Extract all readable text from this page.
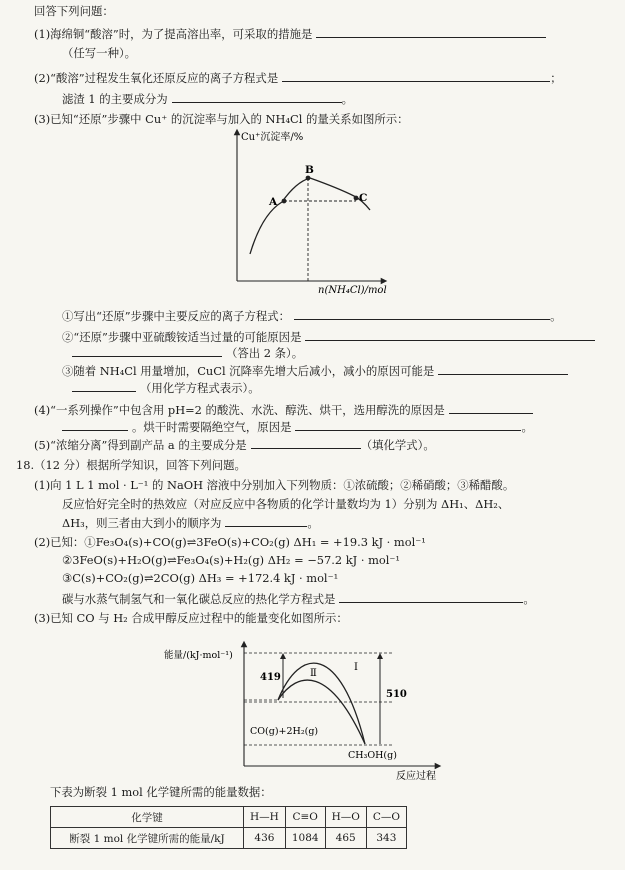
回答下列问题：
(1)海绵铜“酸溶”时，为了提高溶出率，可采取的措施是
（任写一种）。
(2)“酸溶”过程发生氧化还原反应的离子方程式是	；
滤渣 1 的主要成分为	。
(3)已知“还原”步骤中 Cu⁺ 的沉淀率与加入的 NH₄Cl 的量关系如图所示：
Cu⁺沉淀率/%
n(NH₄Cl)/mol
A
B
C
①写出“还原”步骤中主要反应的离子方程式：	。
②“还原”步骤中亚硫酸铵适当过量的可能原因是
（答出 2 条）。
③随着 NH₄Cl 用量增加，CuCl 沉降率先增大后减小，减小的原因可能是
（用化学方程式表示）。
(4)“一系列操作”中包含用 pH=2 的酸洗、水洗、醇洗、烘干，选用醇洗的原因是
。烘干时需要隔绝空气，原因是	。
(5)“浓缩分离”得到副产品 a 的主要成分是	（填化学式）。
18.（12 分）根据所学知识，回答下列问题。
(1)向 1 L 1 mol · L⁻¹ 的 NaOH 溶液中分别加入下列物质：①浓硫酸；②稀硝酸；③稀醋酸。
反应恰好完全时的热效应（对应反应中各物质的化学计量数均为 1）分别为 ΔH₁、ΔH₂、
ΔH₃，则三者由大到小的顺序为	。
(2)已知：①Fe₃O₄(s)+CO(g)⇌3FeO(s)+CO₂(g) ΔH₁ = +19.3 kJ · mol⁻¹
②3FeO(s)+H₂O(g)⇌Fe₃O₄(s)+H₂(g) ΔH₂ = −57.2 kJ · mol⁻¹
③C(s)+CO₂(g)⇌2CO(g) ΔH₃ = +172.4 kJ · mol⁻¹
碳与水蒸气制氢气和一氧化碳总反应的热化学方程式是	。
(3)已知 CO 与 H₂ 合成甲醇反应过程中的能量变化如图所示：
能量/(kJ·mol⁻¹)
反应过程
419
510
Ⅱ
Ⅰ
CO(g)+2H₂(g)
CH₃OH(g)
下表为断裂 1 mol 化学键所需的能量数据：
化学键	H—H	C≡O	H—O	C—O
断裂 1 mol 化学键所需的能量/kJ	436	1084	465	343
